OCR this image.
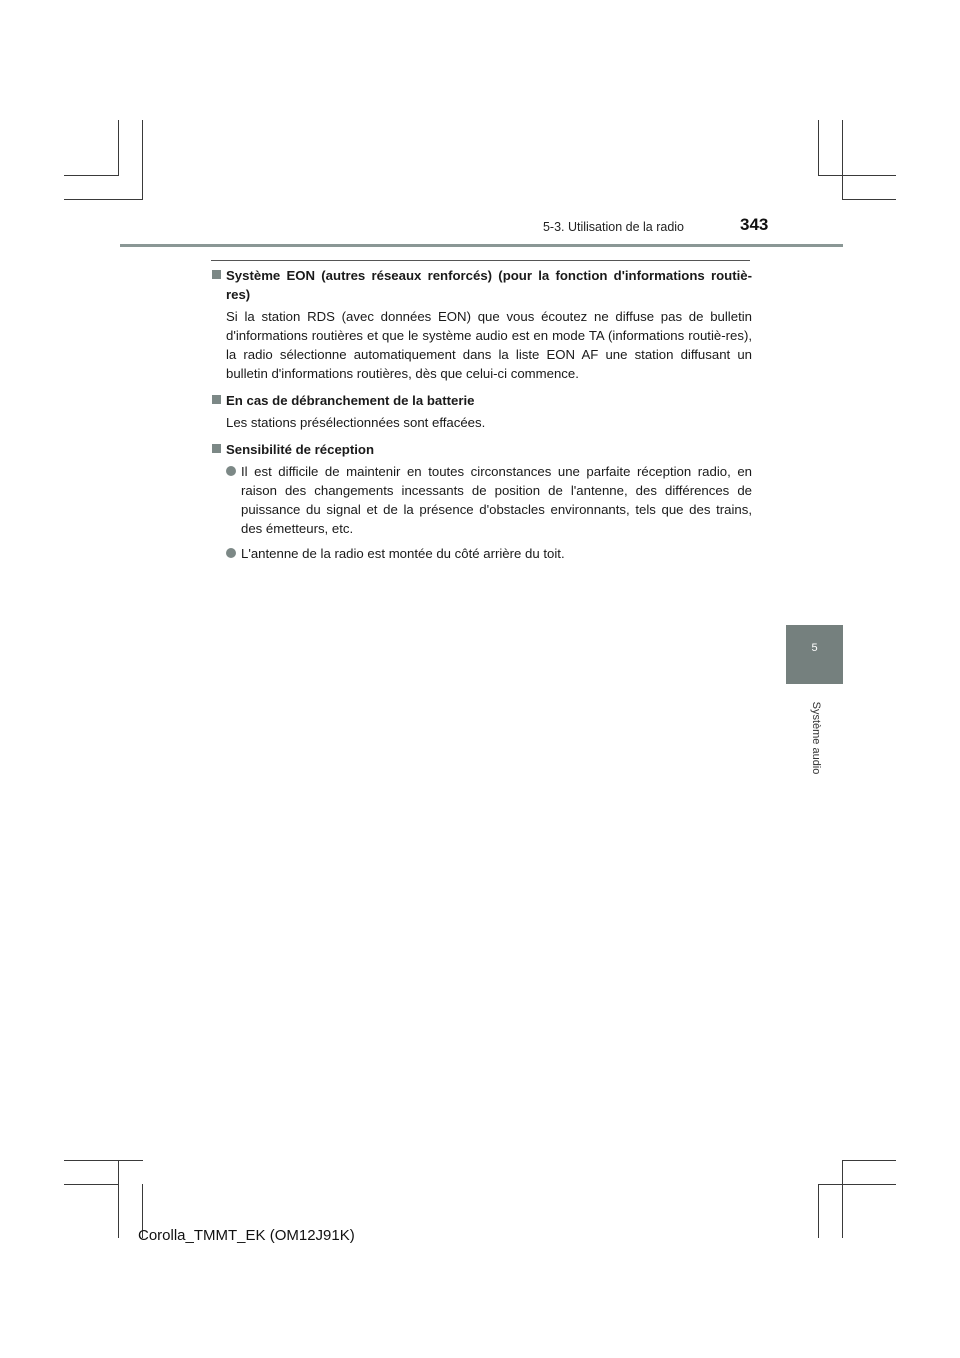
5-3. Utilisation de la radio	343
Système EON (autres réseaux renforcés) (pour la fonction d'informations routiè-res)
Si la station RDS (avec données EON) que vous écoutez ne diffuse pas de bulletin d'informations routières et que le système audio est en mode TA (informations routiè-res), la radio sélectionne automatiquement dans la liste EON AF une station diffusant un bulletin d'informations routières, dès que celui-ci commence.
En cas de débranchement de la batterie
Les stations présélectionnées sont effacées.
Sensibilité de réception
Il est difficile de maintenir en toutes circonstances une parfaite réception radio, en raison des changements incessants de position de l'antenne, des différences de puissance du signal et de la présence d'obstacles environnants, tels que des trains, des émetteurs, etc.
L'antenne de la radio est montée du côté arrière du toit.
5
Système audio
Corolla_TMMT_EK (OM12J91K)
